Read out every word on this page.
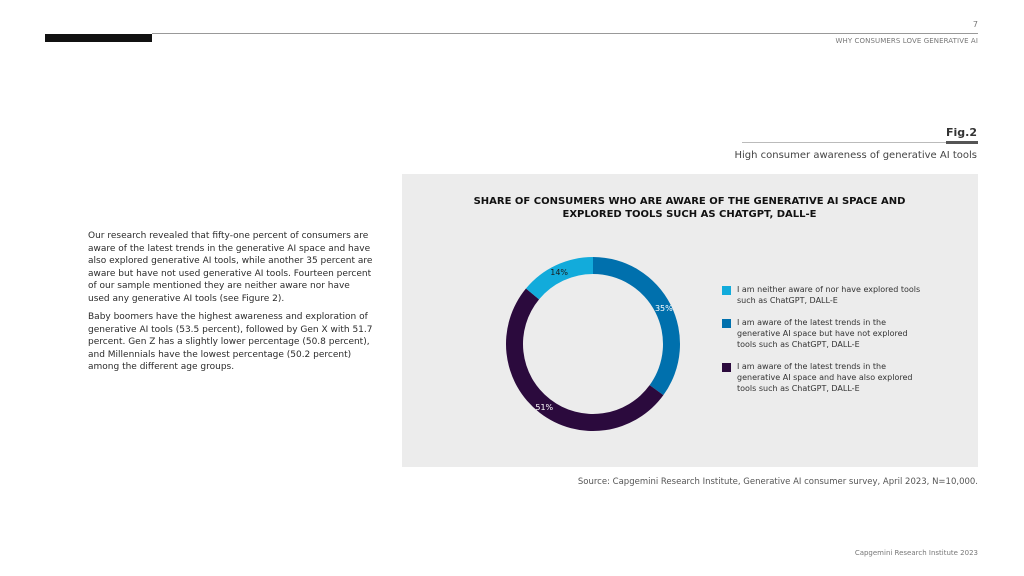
7
WHY CONSUMERS LOVE GENERATIVE AI
Fig.2
High consumer awareness of generative AI tools

Our research revealed that fifty-one percent of consumers are aware of the latest trends in the generative AI space and have also explored generative AI tools, while another 35 percent are aware but have not used generative AI tools. Fourteen percent of our sample mentioned they are neither aware nor have used any generative AI tools (see Figure 2).

Baby boomers have the highest awareness and exploration of generative AI tools (53.5 percent), followed by Gen X with 51.7 percent. Gen Z has a slightly lower percentage (50.8 percent), and Millennials have the lowest percentage (50.2 percent) among the different age groups.

SHARE OF CONSUMERS WHO ARE AWARE OF THE GENERATIVE AI SPACE AND EXPLORED TOOLS SUCH AS CHATGPT, DALL-E
35%
51%
14%
I am neither aware of nor have explored tools such as ChatGPT, DALL-E
I am aware of the latest trends in the generative AI space but have not explored tools such as ChatGPT, DALL-E
I am aware of the latest trends in the generative AI space and have also explored tools such as ChatGPT, DALL-E
Source: Capgemini Research Institute, Generative AI consumer survey, April 2023, N=10,000.
Capgemini Research Institute 2023
